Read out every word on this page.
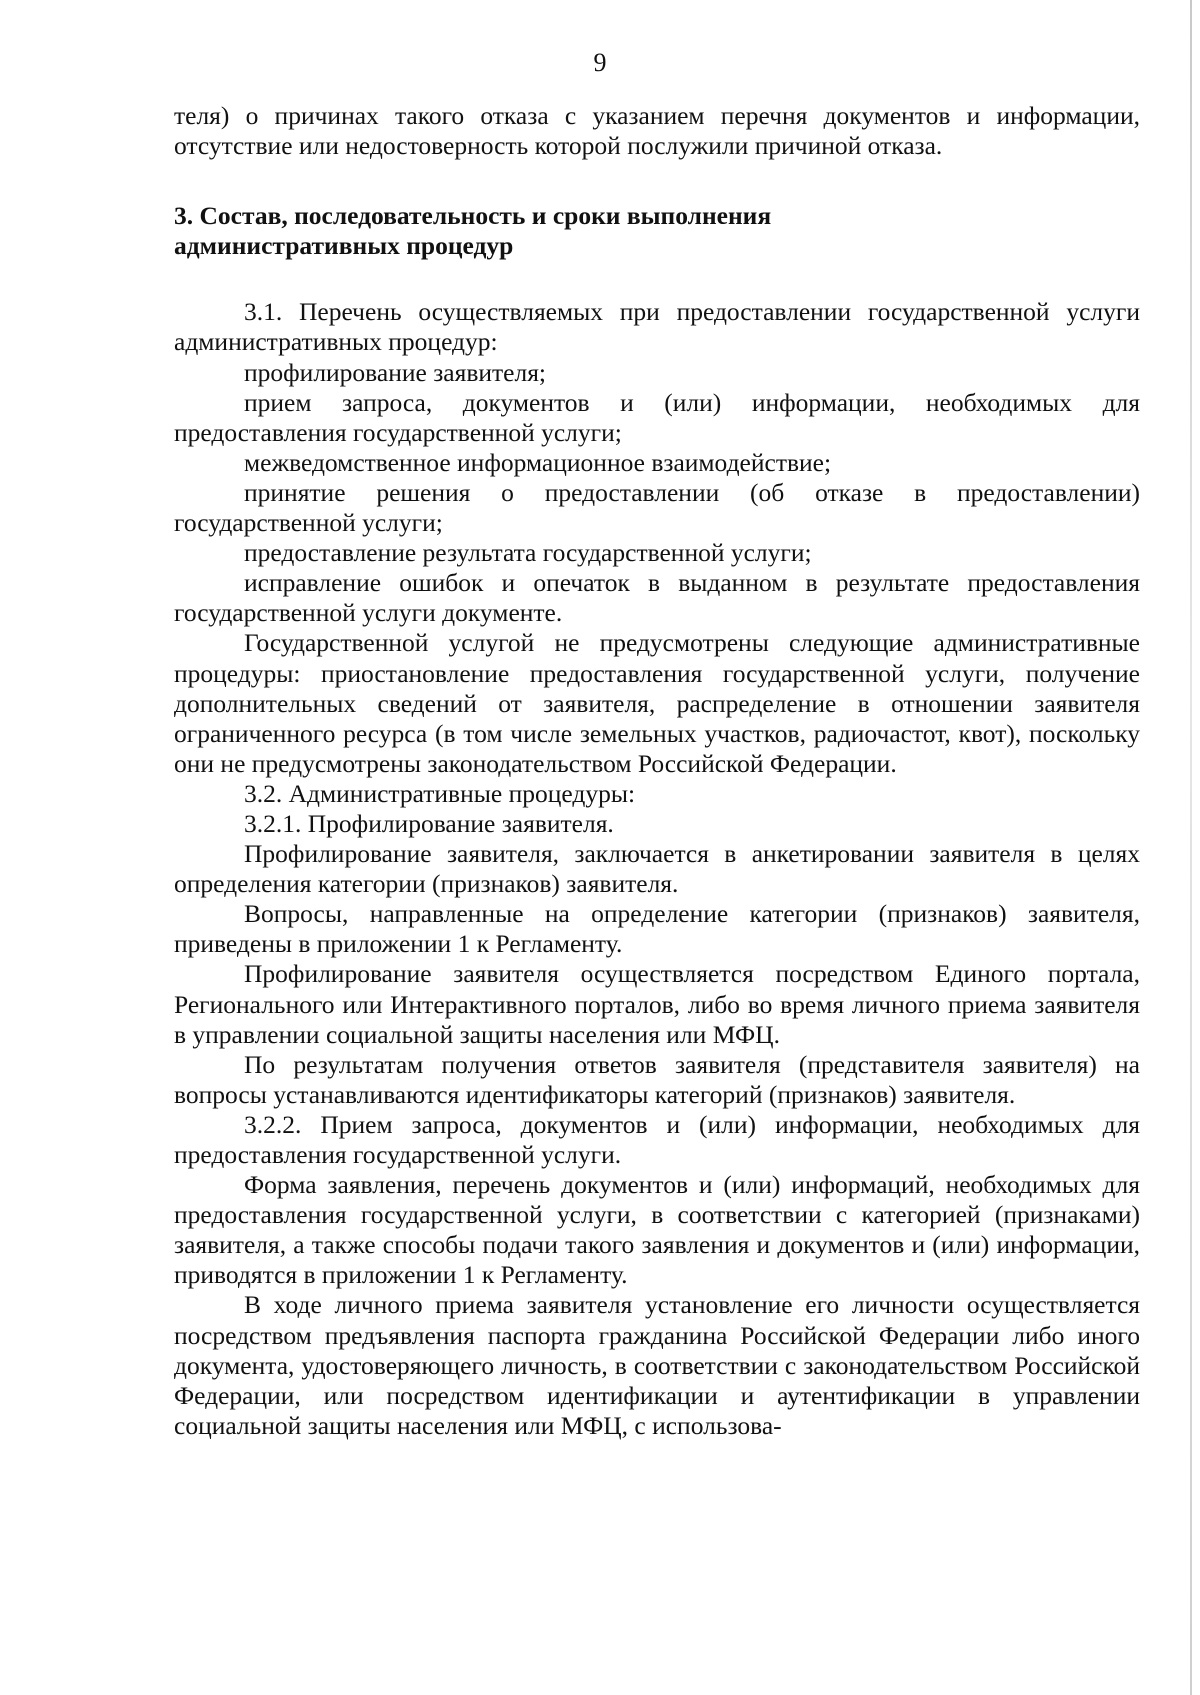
9

теля) о причинах такого отказа с указанием перечня документов и информации, отсутствие или недостоверность которой послужили причиной отказа.

3. Состав, последовательность и сроки выполнения

административных процедур

3.1. Перечень осуществляемых при предоставлении государственной услуги административных процедур:

профилирование заявителя;

прием запроса, документов и (или) информации, необходимых для предоставления государственной услуги;

межведомственное информационное взаимодействие;

принятие решения о предоставлении (об отказе в предоставлении) государственной услуги;

предоставление результата государственной услуги;

исправление ошибок и опечаток в выданном в результате предоставления государственной услуги документе.

Государственной услугой не предусмотрены следующие административные процедуры: приостановление предоставления государственной услуги, получение дополнительных сведений от заявителя, распределение в отношении заявителя ограниченного ресурса (в том числе земельных участков, радиочастот, квот), поскольку они не предусмотрены законодательством Российской Федерации.

3.2. Административные процедуры:

3.2.1. Профилирование заявителя.

Профилирование заявителя, заключается в анкетировании заявителя в целях определения категории (признаков) заявителя.

Вопросы, направленные на определение категории (признаков) заявителя, приведены в приложении 1 к Регламенту.

Профилирование заявителя осуществляется посредством Единого портала, Регионального или Интерактивного порталов, либо во время личного приема заявителя в управлении социальной защиты населения или МФЦ.

По результатам получения ответов заявителя (представителя заявителя) на вопросы устанавливаются идентификаторы категорий (признаков) заявителя.

3.2.2. Прием запроса, документов и (или) информации, необходимых для предоставления государственной услуги.

Форма заявления, перечень документов и (или) информаций, необходимых для предоставления государственной услуги, в соответствии с категорией (признаками) заявителя, а также способы подачи такого заявления и документов и (или) информации, приводятся в приложении 1 к Регламенту.

В ходе личного приема заявителя установление его личности осуществляется посредством предъявления паспорта гражданина Российской Федерации либо иного документа, удостоверяющего личность, в соответствии с законодательством Российской Федерации, или посредством идентификации и аутентификации в управлении социальной защиты населения или МФЦ, с использова-
